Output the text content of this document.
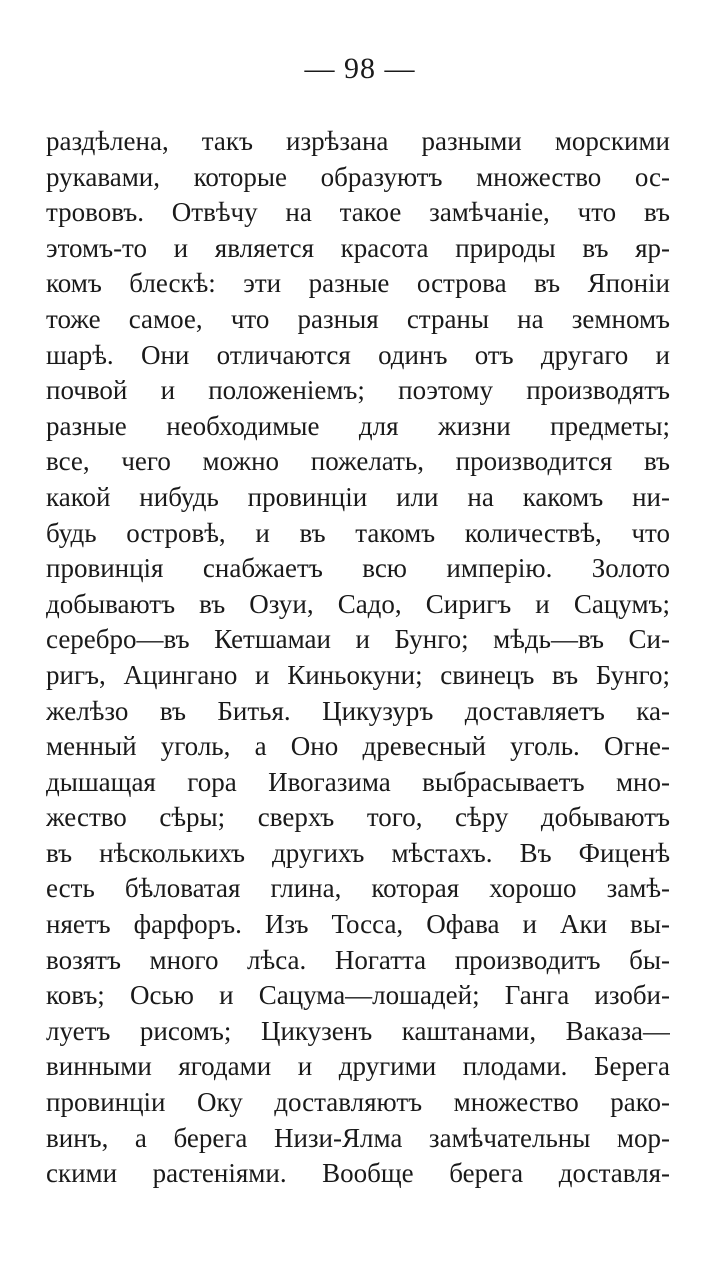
— 98 —
раздѣлена, такъ изрѣзана разными морскими
рукавами, которые образуютъ множество ос-
трововъ. Отвѣчу на такое замѣчаніе, что въ
этомъ-то и является красота природы въ яр-
комъ блескѣ: эти разные острова въ Японіи
тоже самое, что разныя страны на земномъ
шарѣ. Они отличаются одинъ отъ другаго и
почвой и положеніемъ; поэтому производятъ
разные необходимые для жизни предметы;
все, чего можно пожелать, производится въ
какой нибудь провинціи или на какомъ ни-
будь островѣ, и въ такомъ количествѣ, что
провинція снабжаетъ всю имперію. Золото
добываютъ въ Озуи, Садо, Сиригъ и Сацумъ;
серебро—въ Кетшамаи и Бунго; мѣдь—въ Си-
ригъ, Ацингано и Киньокуни; свинецъ въ Бунго;
желѣзо въ Битья. Цикузуръ доставляетъ ка-
менный уголь, а Оно древесный уголь. Огне-
дышащая гора Ивогазима выбрасываетъ мно-
жество сѣры; сверхъ того, сѣру добываютъ
въ нѣсколькихъ другихъ мѣстахъ. Въ Фиценѣ
есть бѣловатая глина, которая хорошо замѣ-
няетъ фарфоръ. Изъ Тосса, Офава и Аки вы-
возятъ много лѣса. Ногатта производитъ бы-
ковъ; Осью и Сацума—лошадей; Ганга изоби-
луетъ рисомъ; Цикузенъ каштанами, Ваказа—
винными ягодами и другими плодами. Берега
провинціи Оку доставляютъ множество рако-
винъ, а берега Низи-Ялма замѣчательны мор-
скими растеніями. Вообще берега доставля-
